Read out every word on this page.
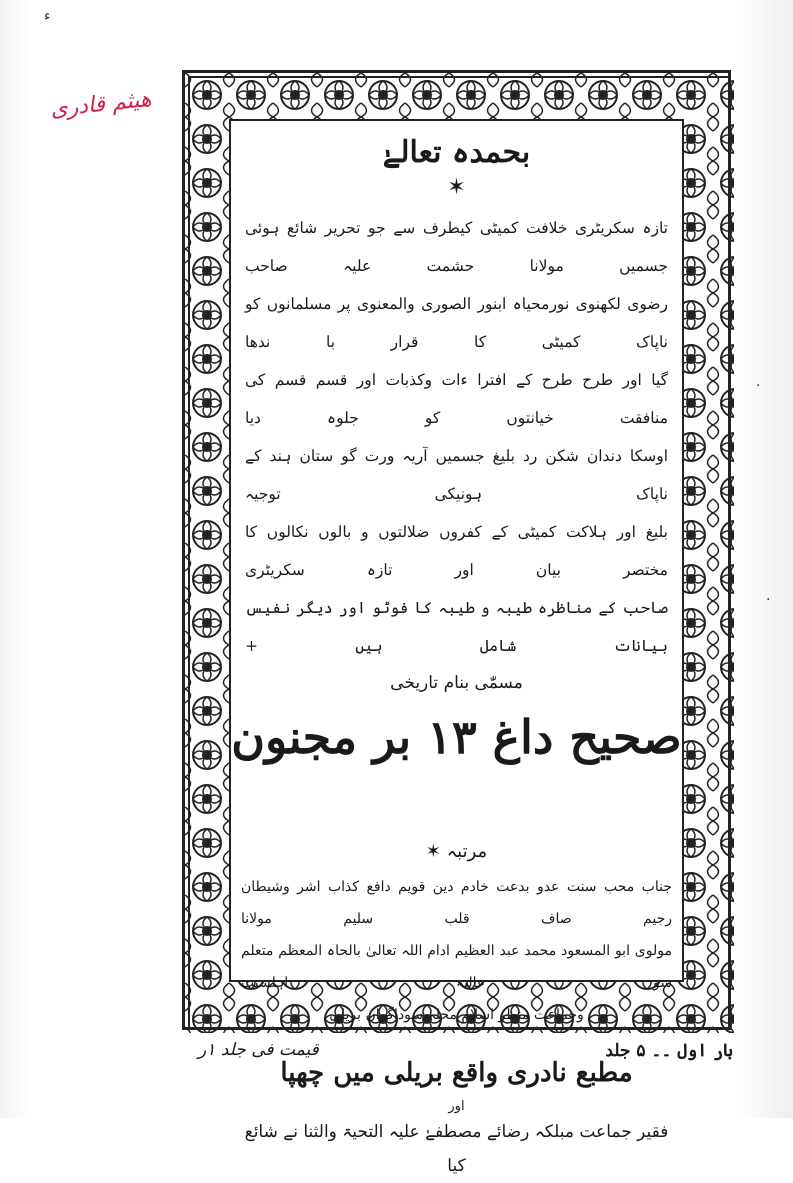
هیثم قادری
ء
·
·
بحمدہ تعالےٰ
✶
تازہ سکریٹری خلافت کمیٹی کیطرف سے جو تحریر شائع ہوئی جسمیں مولانا حشمت علیہ صاحب
رضوی لکھنوی نورمحیاہ ابنور الصوری والمعنوی پر مسلمانوں کو ناپاک کمیٹی کا قرار با ندھا
گیا اور طرح طرح کے افترا ءات وکذبات اور قسم قسم کی منافقت خیانتوں کو جلوہ دیا
اوسکا دندان شکن رد بلیغ جسمیں آریہ ورت گو ستان ہند کے ناپاک ہونیکی توجیہ
بلیغ اور ہلاکت کمیٹی کے کفروں ضلالتوں و بالوں نکالوں کا مختصر بیان اور تازہ سکریٹری
صاحب کے مناظرہ طیبہ و طیبہ کا فوٹو اور دیگر نفیس بیانات شامل ہیں +
مسمّٰی بنام تاریخی
صحیح داغ ۱۳ بر مجنون
مرتبہ ✶
جناب محب سنت عدو بدعت خادم دین قویم دافع کذاب اشر وشیطان رجیم صاف قلب سلیم مولانا
مولوی ابو المسعود محمد عبد العظیم ادام اللہ تعالیٰ بالحاہ المعظم متعلم سو عالیہ اہلسنت
وجماعت منظر اسلام محلہ سوداگران بریلی
مطبع نادری واقع بریلی میں چھپا
اور
فقیر جماعت مبلکہ رضائے مصطفےٰ علیہ التحیۃ والثنا نے شائع کیا
بار اول ۔۔ ۵ جلد
قیمت فی جلد ۱ر
